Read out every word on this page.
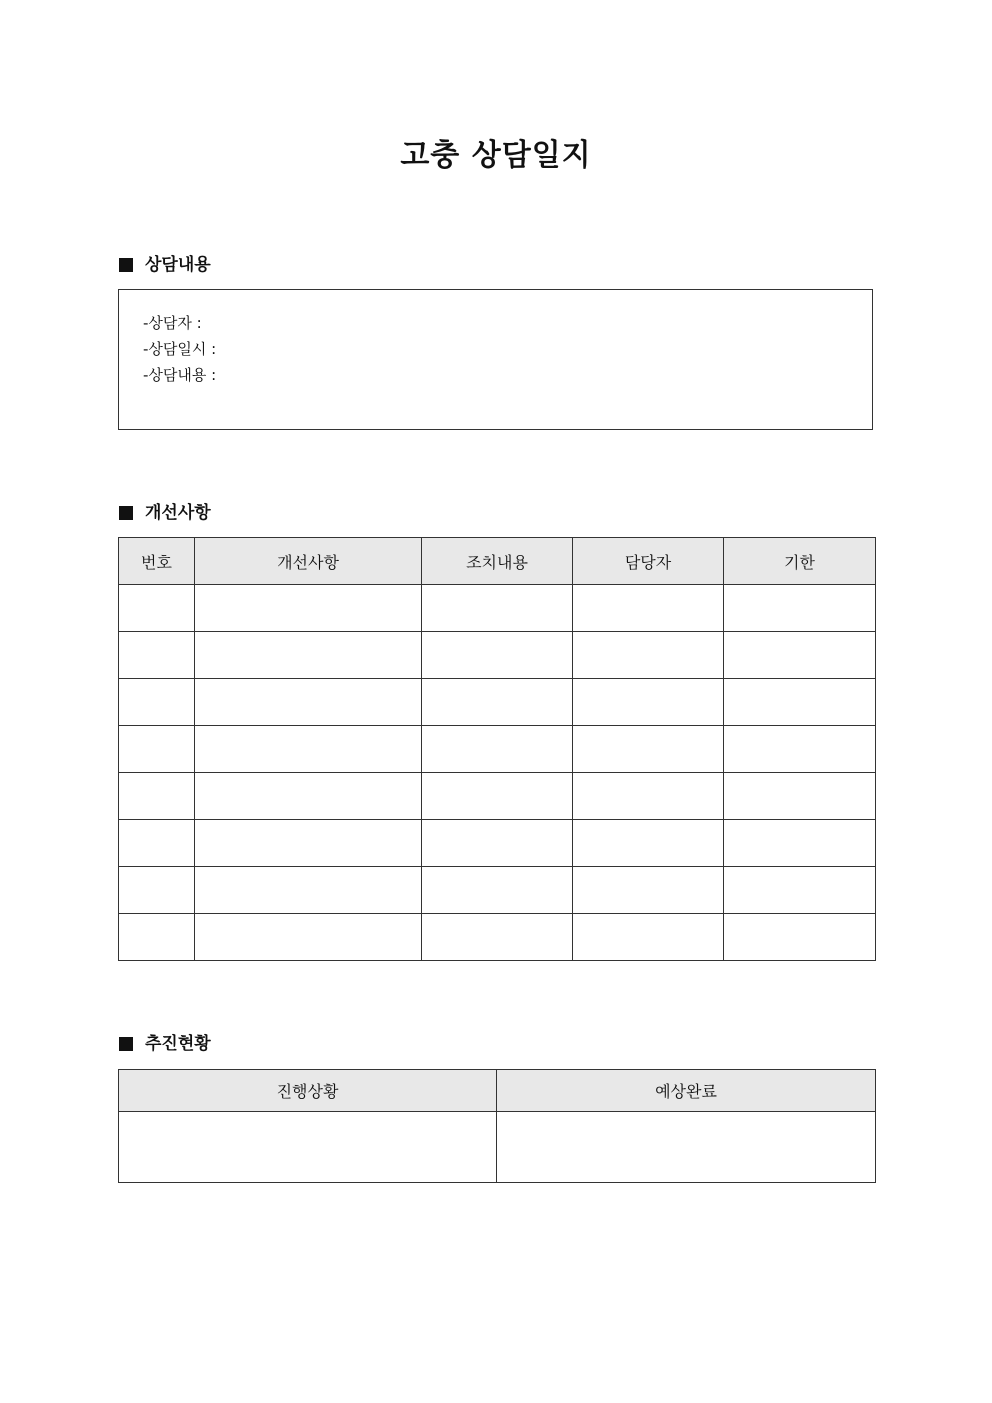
고충 상담일지
상담내용
-상담자 :
-상담일시 :
-상담내용 :
개선사항
번호	개선사항	조치내용	담당자	기한

추진현황
진행상황	예상완료
